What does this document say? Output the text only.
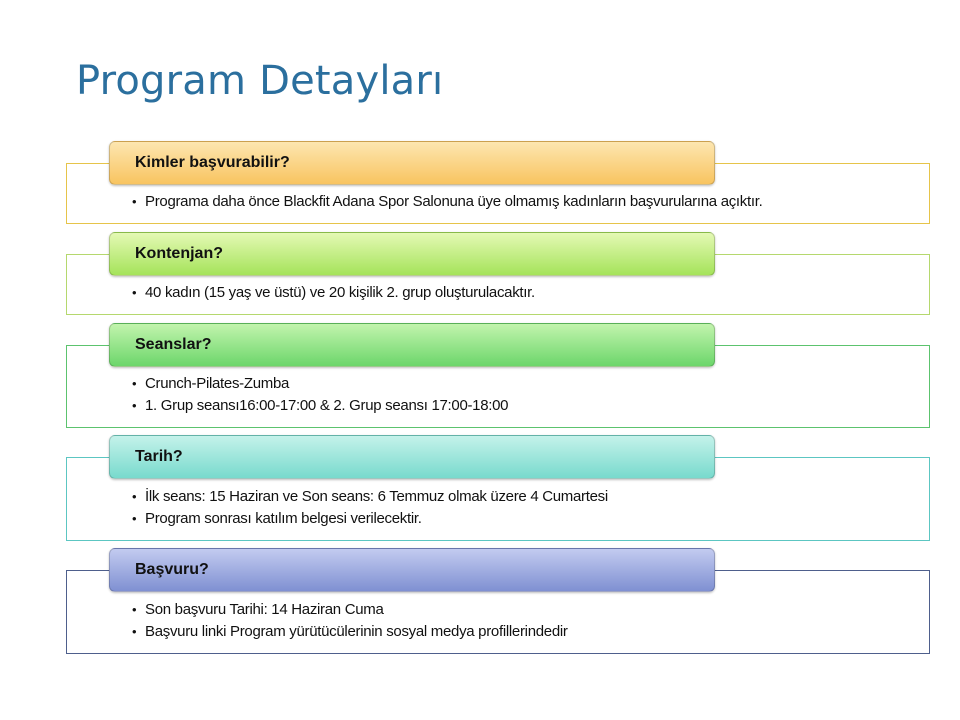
Program Detayları
Kimler başvurabilir?
• Programa daha önce Blackfit Adana Spor Salonuna üye olmamış kadınların başvurularına açıktır.
Kontenjan?
• 40 kadın (15 yaş ve üstü) ve 20 kişilik 2. grup oluşturulacaktır.
Seanslar?
• Crunch-Pilates-Zumba
• 1. Grup seansı16:00-17:00 & 2. Grup seansı 17:00-18:00
Tarih?
• İlk seans: 15 Haziran ve Son seans: 6 Temmuz olmak üzere 4 Cumartesi
• Program sonrası katılım belgesi verilecektir.
Başvuru?
• Son başvuru Tarihi: 14 Haziran Cuma
• Başvuru linki Program yürütücülerinin sosyal medya profillerindedir
